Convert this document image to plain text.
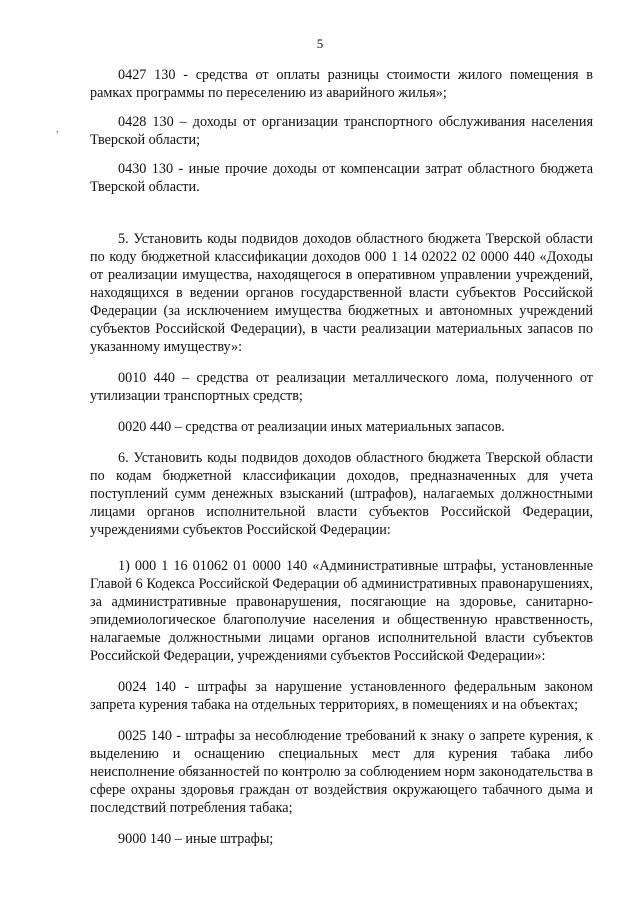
5
,

0427 130 - средства от оплаты разницы стоимости жилого помещения в рамках программы по переселению из аварийного жилья»;

0428 130 – доходы от организации транспортного обслуживания населения Тверской области;

0430 130 - иные прочие доходы от компенсации затрат областного бюджета Тверской области.

5. Установить коды подвидов доходов областного бюджета Тверской области по коду бюджетной классификации доходов 000 1 14 02022 02 0000 440 «Доходы от реализации имущества, находящегося в оперативном управлении учреждений, находящихся в ведении органов государственной власти субъектов Российской Федерации (за исключением имущества бюджетных и автономных учреждений субъектов Российской Федерации), в части реализации материальных запасов по указанному имуществу»:

0010 440 – средства от реализации металлического лома, полученного от утилизации транспортных средств;

0020 440 – средства от реализации иных материальных запасов.

6. Установить коды подвидов доходов областного бюджета Тверской области по кодам бюджетной классификации доходов, предназначенных для учета поступлений сумм денежных взысканий (штрафов), налагаемых должностными лицами органов исполнительной власти субъектов Российской Федерации, учреждениями субъектов Российской Федерации:

1) 000 1 16 01062 01 0000 140 «Административные штрафы, установленные Главой 6 Кодекса Российской Федерации об административных правонарушениях, за административные правонарушения, посягающие на здоровье, санитарно-эпидемиологическое благополучие населения и общественную нравственность, налагаемые должностными лицами органов исполнительной власти субъектов Российской Федерации, учреждениями субъектов Российской Федерации»:

0024 140 - штрафы за нарушение установленного федеральным законом запрета курения табака на отдельных территориях, в помещениях и на объектах;

0025 140 - штрафы за несоблюдение требований к знаку о запрете курения, к выделению и оснащению специальных мест для курения табака либо неисполнение обязанностей по контролю за соблюдением норм законодательства в сфере охраны здоровья граждан от воздействия окружающего табачного дыма и последствий потребления табака;

9000 140 – иные штрафы;
